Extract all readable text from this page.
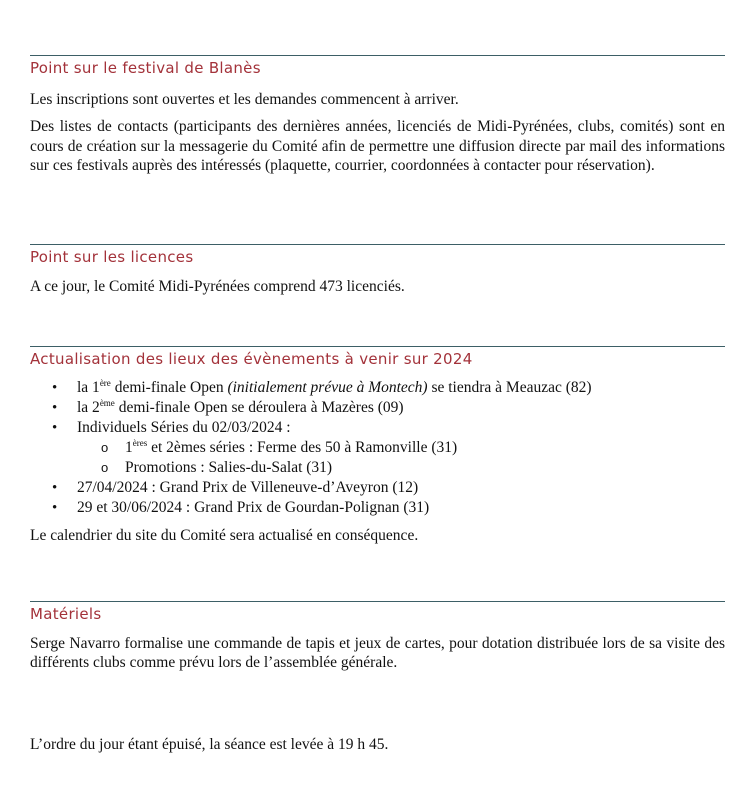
Point sur le festival de Blanès

Les inscriptions sont ouvertes et les demandes commencent à arriver.

Des listes de contacts (participants des dernières années, licenciés de Midi-Pyrénées, clubs, comités) sont en cours de création sur la messagerie du Comité afin de permettre une diffusion directe par mail des informations sur ces festivals auprès des intéressés (plaquette, courrier, coordonnées à contacter pour réservation).

Point sur les licences

A ce jour, le Comité Midi-Pyrénées comprend 473 licenciés.

Actualisation des lieux des évènements à venir sur 2024
• la 1ère demi-finale Open (initialement prévue à Montech) se tiendra à Meauzac (82)
• la 2ème demi-finale Open se déroulera à Mazères (09)
• Individuels Séries du 02/03/2024 :
o 1ères et 2èmes séries : Ferme des 50 à Ramonville (31)
o Promotions : Salies-du-Salat (31)
• 27/04/2024 : Grand Prix de Villeneuve-d’Aveyron (12)
• 29 et 30/06/2024 : Grand Prix de Gourdan-Polignan (31)

Le calendrier du site du Comité sera actualisé en conséquence.

Matériels

Serge Navarro formalise une commande de tapis et jeux de cartes, pour dotation distribuée lors de sa visite des différents clubs comme prévu lors de l’assemblée générale.

L’ordre du jour étant épuisé, la séance est levée à 19 h 45.
